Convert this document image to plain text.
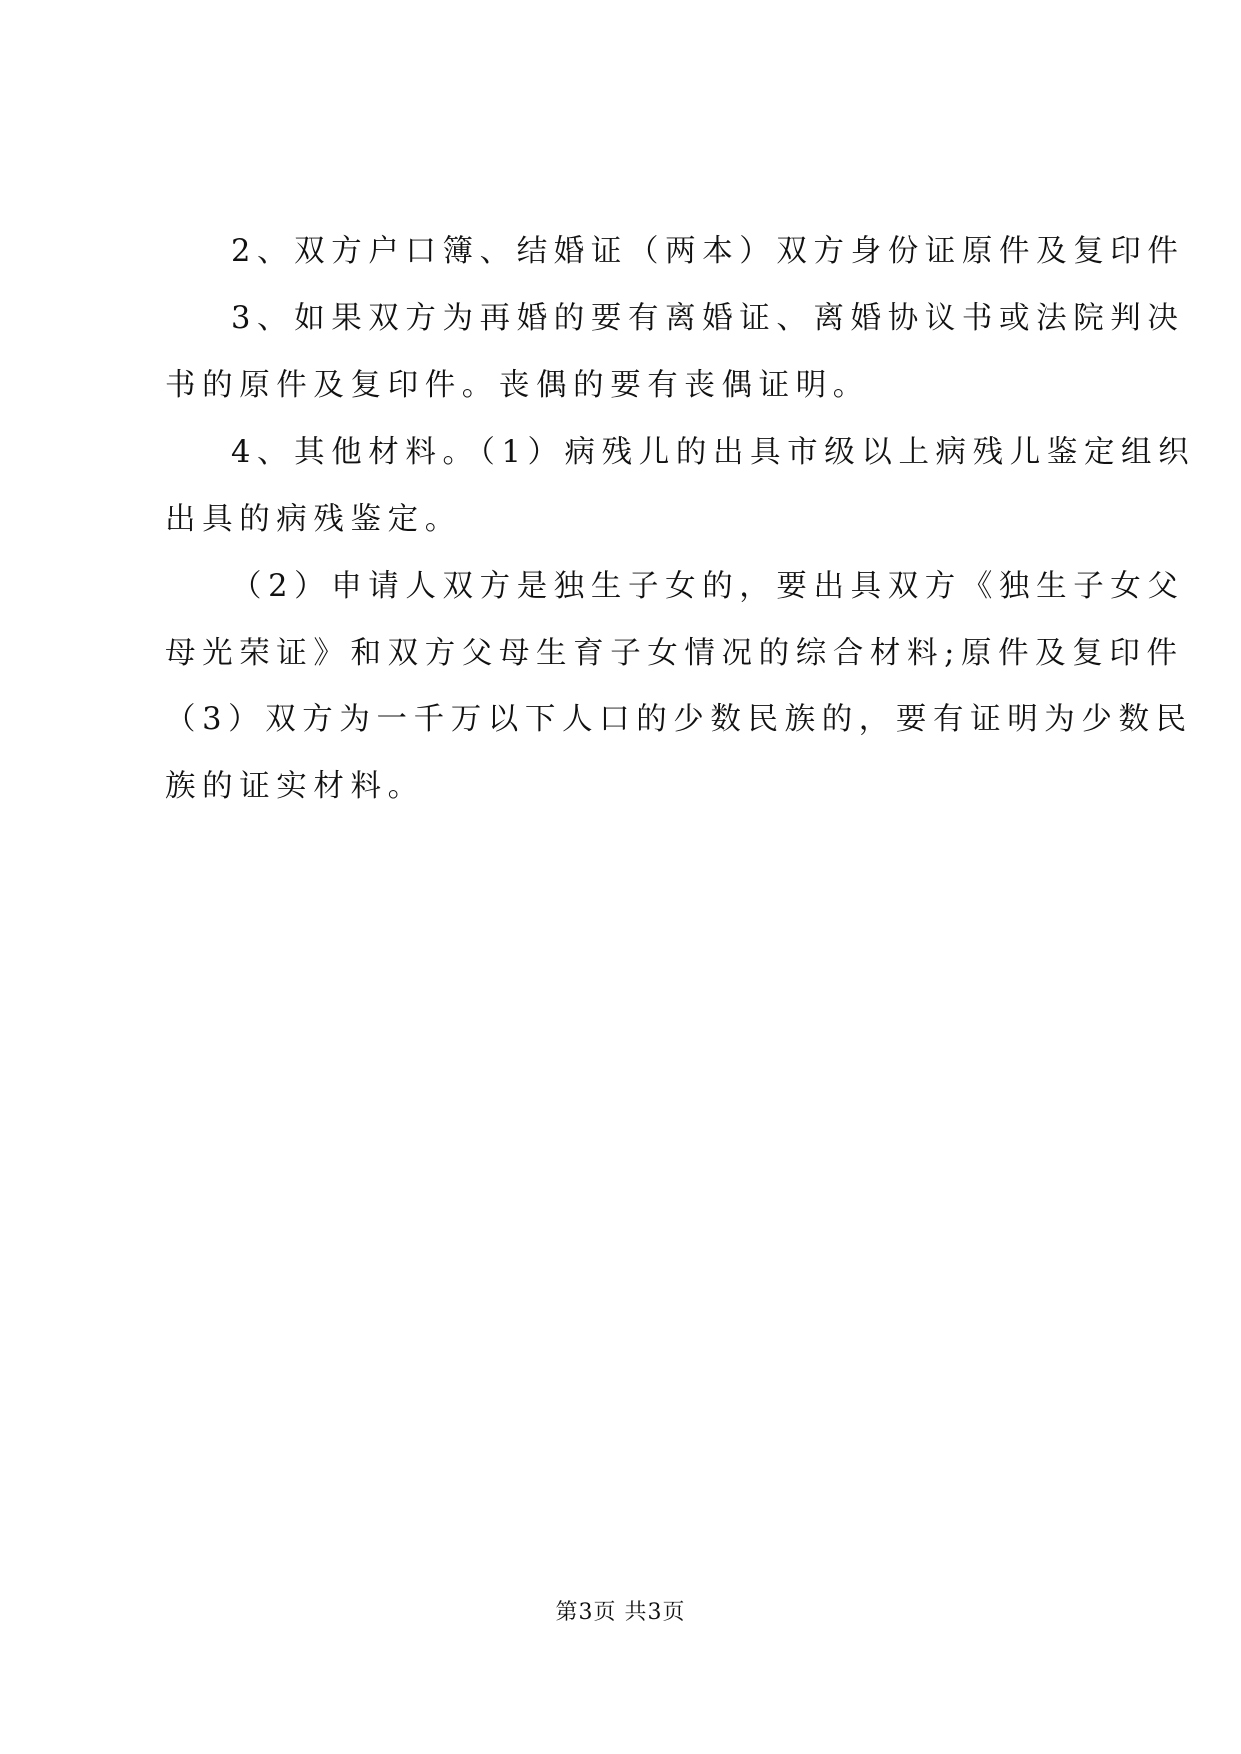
2、双方户口簿、结婚证（两本）双方身份证原件及复印件
3、如果双方为再婚的要有离婚证、离婚协议书或法院判决
书的原件及复印件。丧偶的要有丧偶证明。
4、其他材料。（1）病残儿的出具市级以上病残儿鉴定组织
出具的病残鉴定。
（2）申请人双方是独生子女的，要出具双方《独生子女父
母光荣证》和双方父母生育子女情况的综合材料;原件及复印件
（3）双方为一千万以下人口的少数民族的，要有证明为少数民
族的证实材料。
第3页 共3页
